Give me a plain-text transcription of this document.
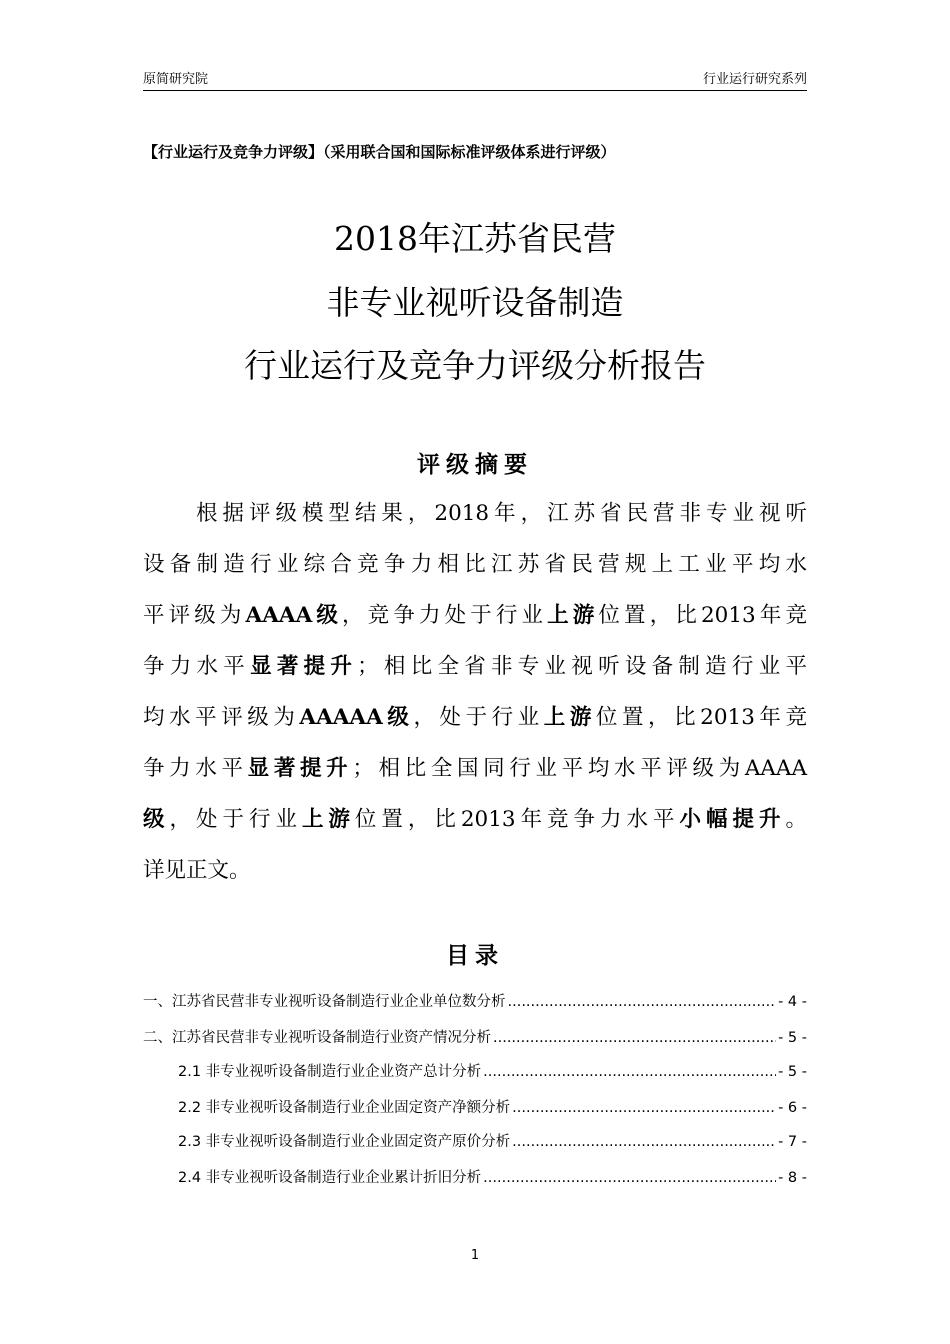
原简研究院	行业运行研究系列
【行业运行及竞争力评级】（采用联合国和国际标准评级体系进行评级）
2018年江苏省民营
非专业视听设备制造
行业运行及竞争力评级分析报告
评级摘要
　　根据评级模型结果，2018年，江苏省民营非专业视听
设备制造行业综合竞争力相比江苏省民营规上工业平均水
平评级为AAAA级，竞争力处于行业上游位置，比2013年竞
争力水平显著提升；相比全省非专业视听设备制造行业平
均水平评级为AAAAA级，处于行业上游位置，比2013年竞
争力水平显著提升；相比全国同行业平均水平评级为AAAA
级，处于行业上游位置，比2013年竞争力水平小幅提升。
详见正文。
目录
一、江苏省民营非专业视听设备制造行业企业单位数分析 .....	- 4 -
二、江苏省民营非专业视听设备制造行业资产情况分析 .....	- 5 -
2.1 非专业视听设备制造行业企业资产总计分析 .....	- 5 -
2.2 非专业视听设备制造行业企业固定资产净额分析 .....	- 6 -
2.3 非专业视听设备制造行业企业固定资产原价分析 .....	- 7 -
2.4 非专业视听设备制造行业企业累计折旧分析 .....	- 8 -
1
